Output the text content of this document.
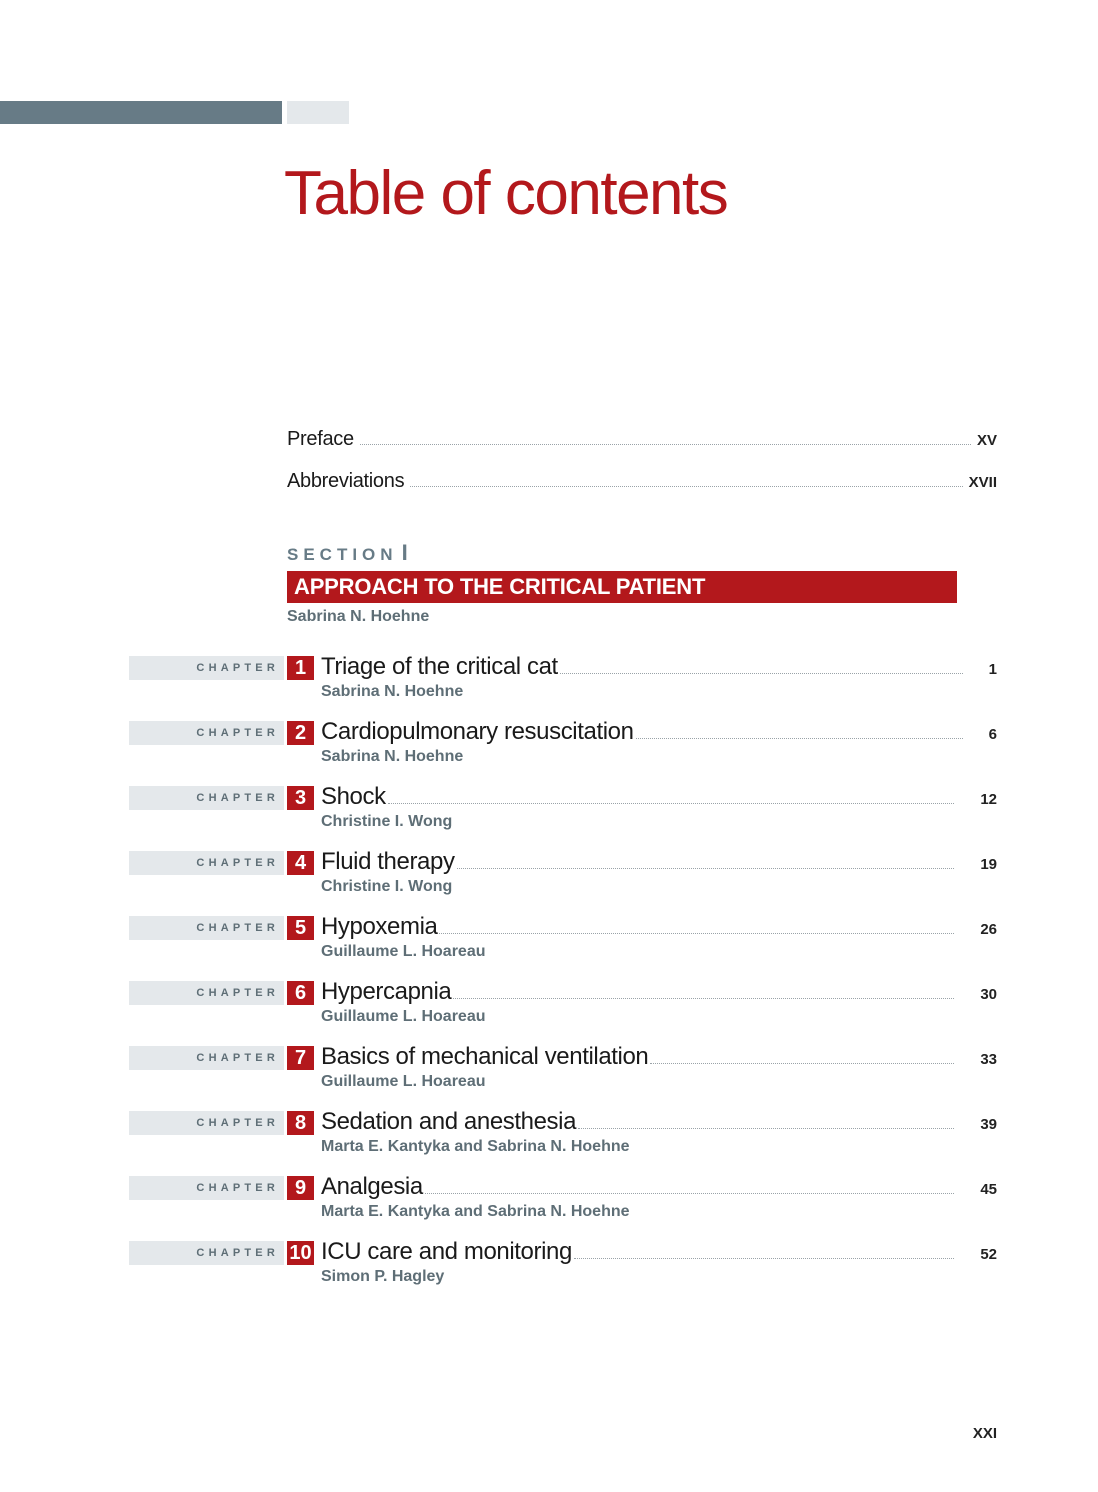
Table of contents
Preface	XV
Abbreviations	XVII
SECTION I
APPROACH TO THE CRITICAL PATIENT
Sabrina N. Hoehne
CHAPTER 1 Triage of the critical cat	1
Sabrina N. Hoehne
CHAPTER 2 Cardiopulmonary resuscitation	6
Sabrina N. Hoehne
CHAPTER 3 Shock	12
Christine I. Wong
CHAPTER 4 Fluid therapy	19
Christine I. Wong
CHAPTER 5 Hypoxemia	26
Guillaume L. Hoareau
CHAPTER 6 Hypercapnia	30
Guillaume L. Hoareau
CHAPTER 7 Basics of mechanical ventilation	33
Guillaume L. Hoareau
CHAPTER 8 Sedation and anesthesia	39
Marta E. Kantyka and Sabrina N. Hoehne
CHAPTER 9 Analgesia	45
Marta E. Kantyka and Sabrina N. Hoehne
CHAPTER 10 ICU care and monitoring	52
Simon P. Hagley
XXI
